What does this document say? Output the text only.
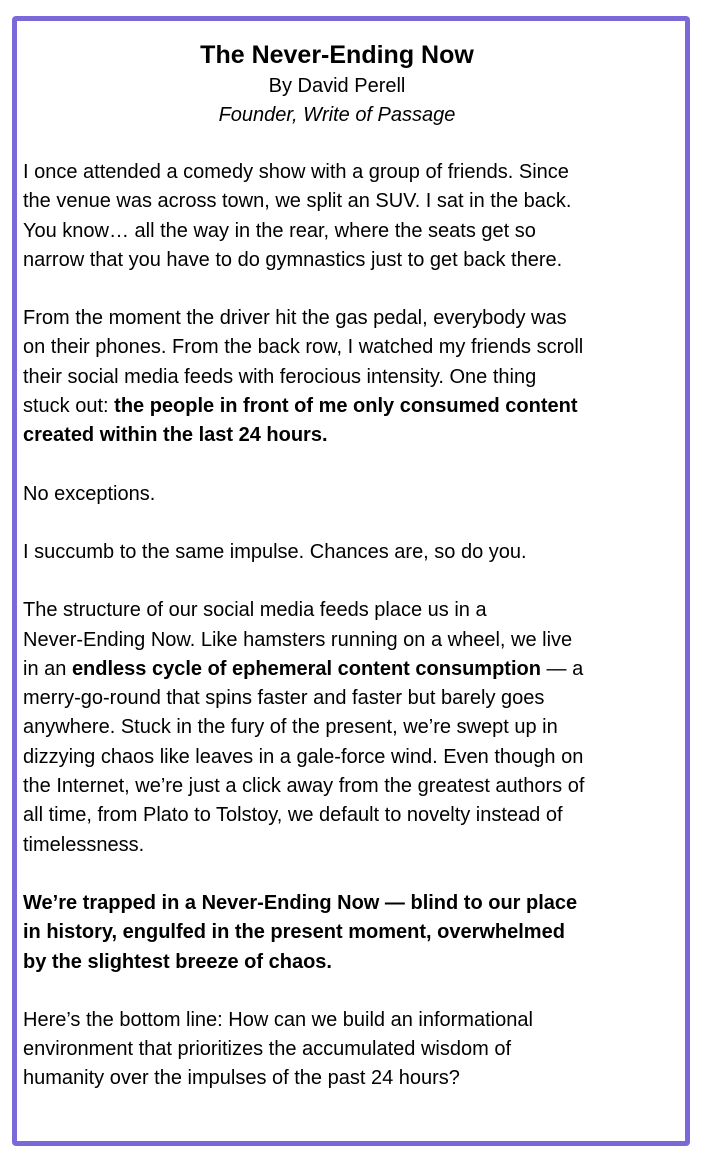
The Never-Ending Now
By David Perell
Founder, Write of Passage

I once attended a comedy show with a group of friends. Since
the venue was across town, we split an SUV. I sat in the back.
You know… all the way in the rear, where the seats get so
narrow that you have to do gymnastics just to get back there.

From the moment the driver hit the gas pedal, everybody was
on their phones. From the back row, I watched my friends scroll
their social media feeds with ferocious intensity. One thing
stuck out: the people in front of me only consumed content
created within the last 24 hours.

No exceptions.

I succumb to the same impulse. Chances are, so do you.

The structure of our social media feeds place us in a
Never-Ending Now. Like hamsters running on a wheel, we live
in an endless cycle of ephemeral content consumption — a
merry-go-round that spins faster and faster but barely goes
anywhere. Stuck in the fury of the present, we’re swept up in
dizzying chaos like leaves in a gale-force wind. Even though on
the Internet, we’re just a click away from the greatest authors of
all time, from Plato to Tolstoy, we default to novelty instead of
timelessness.

We’re trapped in a Never-Ending Now — blind to our place
in history, engulfed in the present moment, overwhelmed
by the slightest breeze of chaos.

Here’s the bottom line: How can we build an informational
environment that prioritizes the accumulated wisdom of
humanity over the impulses of the past 24 hours?
